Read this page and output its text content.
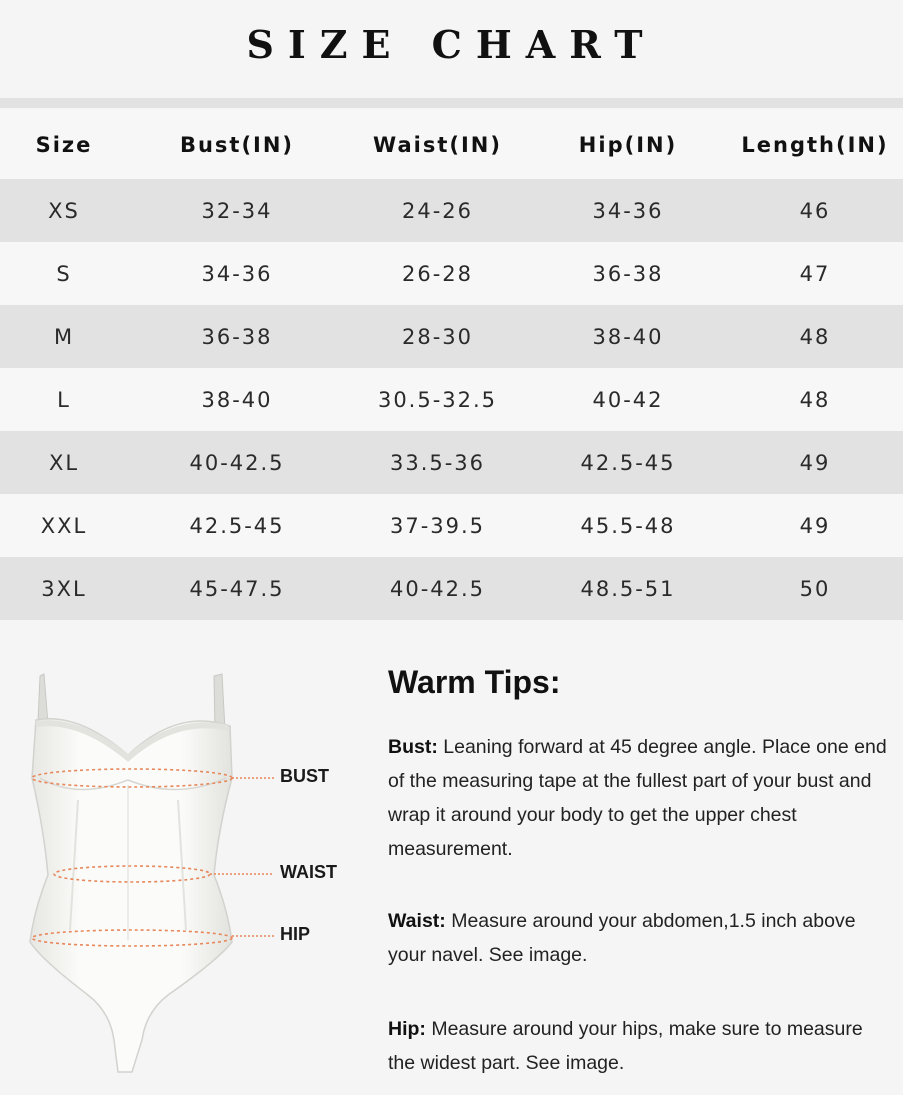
SIZE CHART
Size	Bust(IN)	Waist(IN)	Hip(IN)	Length(IN)
XS	32-34	24-26	34-36	46
S	34-36	26-28	36-38	47
M	36-38	28-30	38-40	48
L	38-40	30.5-32.5	40-42	48
XL	40-42.5	33.5-36	42.5-45	49
XXL	42.5-45	37-39.5	45.5-48	49
3XL	45-47.5	40-42.5	48.5-51	50
BUST
WAIST
HIP
Warm Tips:

Bust: Leaning forward at 45 degree angle. Place one end of the measuring tape at the fullest part of your bust and wrap it around your body to get the upper chest measurement.

Waist: Measure around your abdomen,1.5 inch above your navel. See image.

Hip: Measure around your hips, make sure to measure the widest part. See image.
